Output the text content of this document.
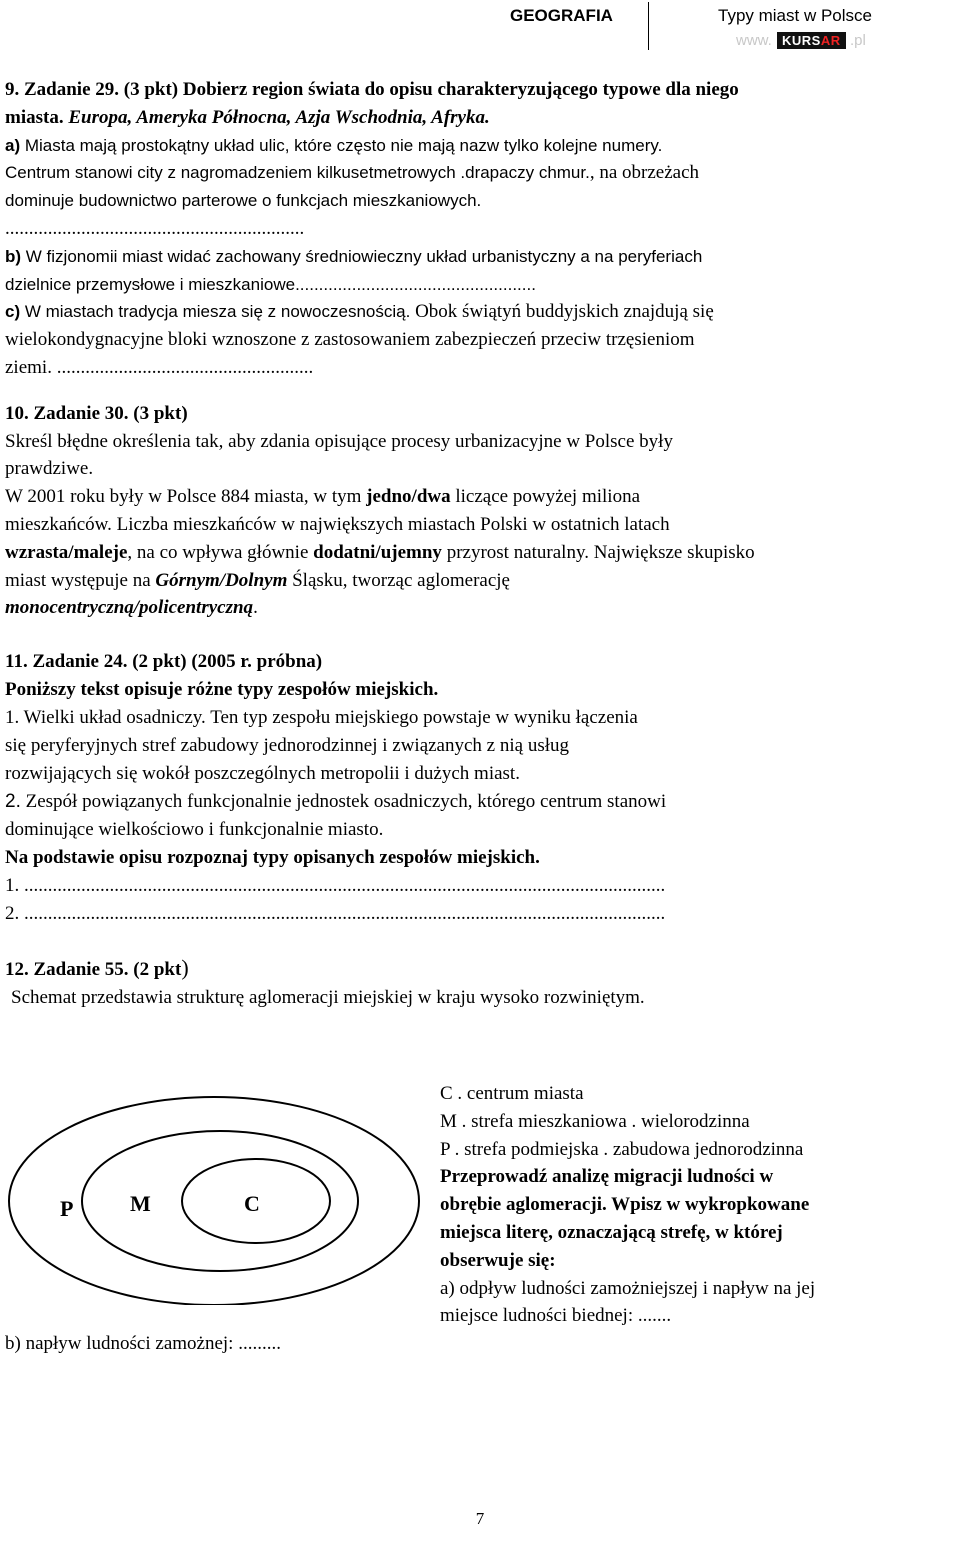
GEOGRAFIA	Typy miast w Polsce
www. KURSAR .pl

9. Zadanie 29. (3 pkt) Dobierz region świata do opisu charakteryzującego typowe dla niego

miasta. Europa, Ameryka Północna, Azja Wschodnia, Afryka.

a) Miasta mają prostokątny układ ulic, które często nie mają nazw tylko kolejne numery.

Centrum stanowi city z nagromadzeniem kilkusetmetrowych .drapaczy chmur., na obrzeżach

dominuje budownictwo parterowe o funkcjach mieszkaniowych.

...............................................................

b) W fizjonomii miast widać zachowany średniowieczny układ urbanistyczny a na peryferiach

dzielnice przemysłowe i mieszkaniowe...................................................

c) W miastach tradycja miesza się z nowoczesnością. Obok świątyń buddyjskich znajdują się

wielokondygnacyjne bloki wznoszone z zastosowaniem zabezpieczeń przeciw trzęsieniom

ziemi. ......................................................

10. Zadanie 30. (3 pkt)

Skreśl błędne określenia tak, aby zdania opisujące procesy urbanizacyjne w Polsce były

prawdziwe.

W 2001 roku były w Polsce 884 miasta, w tym jedno/dwa liczące powyżej miliona

mieszkańców. Liczba mieszkańców w największych miastach Polski w ostatnich latach

wzrasta/maleje, na co wpływa głównie dodatni/ujemny przyrost naturalny. Największe skupisko

miast występuje na Górnym/Dolnym Śląsku, tworząc aglomerację

monocentryczną/policentryczną.

11. Zadanie 24. (2 pkt) (2005 r. próbna)

Poniższy tekst opisuje różne typy zespołów miejskich.

1. Wielki układ osadniczy. Ten typ zespołu miejskiego powstaje w wyniku łączenia

się peryferyjnych stref zabudowy jednorodzinnej i związanych z nią usług

rozwijających się wokół poszczególnych metropolii i dużych miast.

2. Zespół powiązanych funkcjonalnie jednostek osadniczych, którego centrum stanowi

dominujące wielkościowo i funkcjonalnie miasto.

Na podstawie opisu rozpoznaj typy opisanych zespołów miejskich.

1. .......................................................................................................................................

2. .......................................................................................................................................

12. Zadanie 55. (2 pkt)

Schemat przedstawia strukturę aglomeracji miejskiej w kraju wysoko rozwiniętym.

P	M	C

C . centrum miasta

M . strefa mieszkaniowa . wielorodzinna

P . strefa podmiejska . zabudowa jednorodzinna

Przeprowadź analizę migracji ludności w

obrębie aglomeracji. Wpisz w wykropkowane

miejsca literę, oznaczającą strefę, w której

obserwuje się:

a) odpływ ludności zamożniejszej i napływ na jej

miejsce ludności biednej: .......

b) napływ ludności zamożnej: .........
7
